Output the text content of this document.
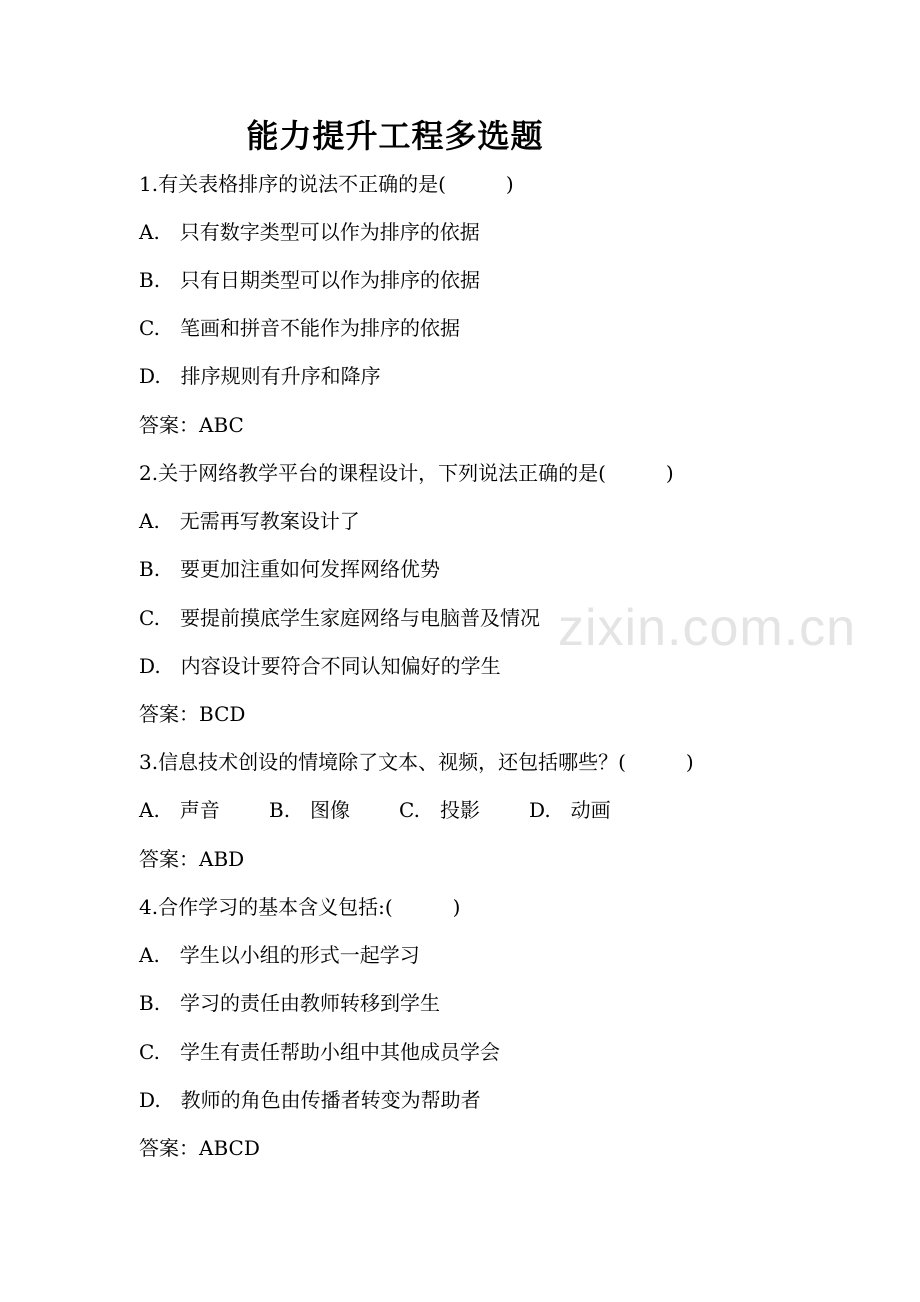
zixin.com.cn
能力提升工程多选题
1.有关表格排序的说法不正确的是(　　　)
A.　只有数字类型可以作为排序的依据
B.　只有日期类型可以作为排序的依据
C.　笔画和拼音不能作为排序的依据
D.　排序规则有升序和降序
答案：ABC
2.关于网络教学平台的课程设计，下列说法正确的是(　　　)
A.　无需再写教案设计了
B.　要更加注重如何发挥网络优势
C.　要提前摸底学生家庭网络与电脑普及情况
D.　内容设计要符合不同认知偏好的学生
答案：BCD
3.信息技术创设的情境除了文本、视频，还包括哪些？(　　　)

A.　声音

B.　图像

C.　投影

D.　动画

答案：ABD
4.合作学习的基本含义包括:(　　　)
A.　学生以小组的形式一起学习
B.　学习的责任由教师转移到学生
C.　学生有责任帮助小组中其他成员学会
D.　教师的角色由传播者转变为帮助者
答案：ABCD
